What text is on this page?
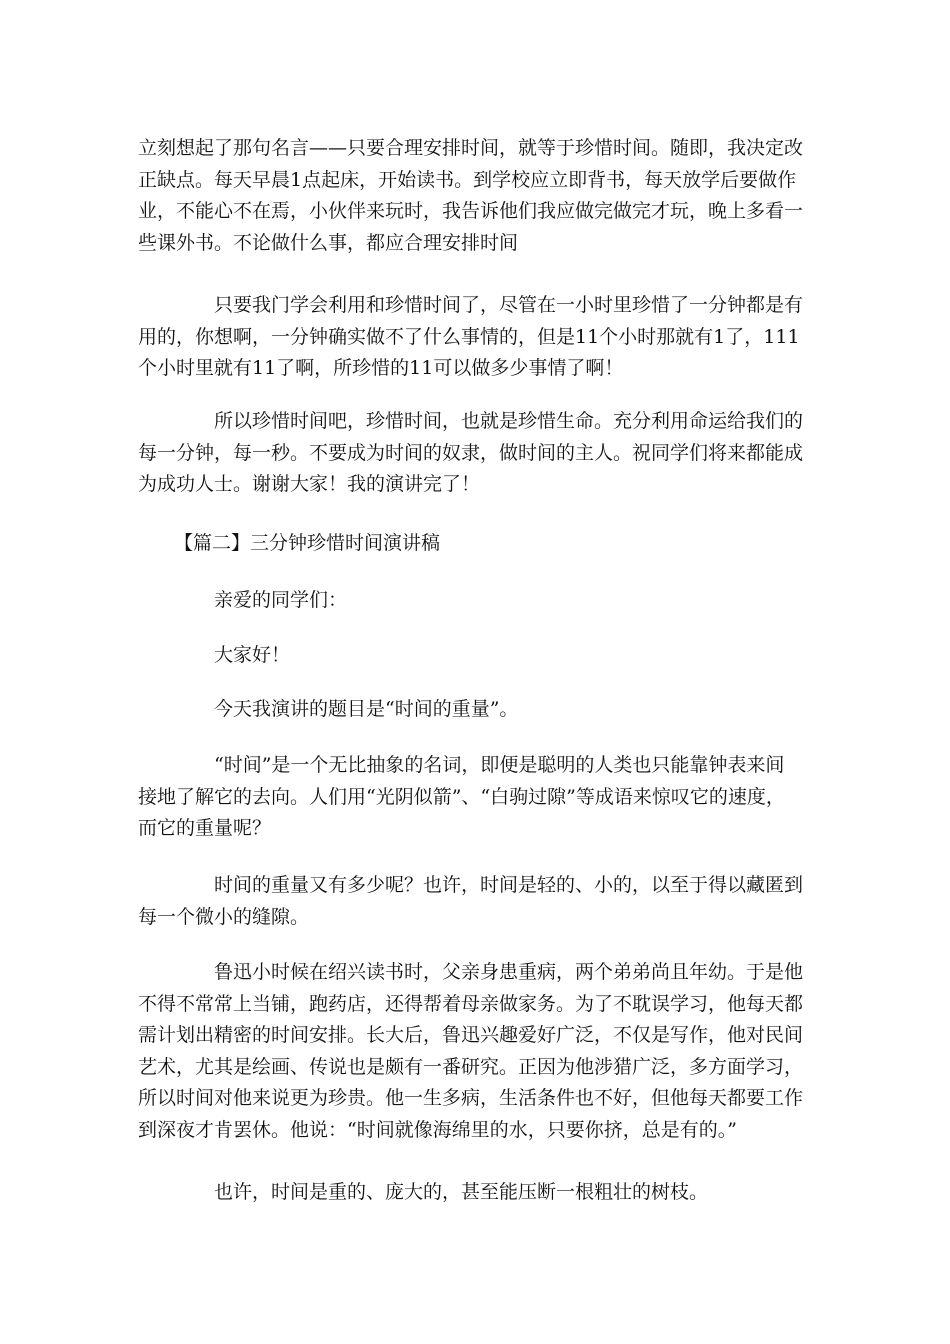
立刻想起了那句名言——只要合理安排时间，就等于珍惜时间。随即，我决定改
正缺点。每天早晨1点起床，开始读书。到学校应立即背书，每天放学后要做作
业，不能心不在焉，小伙伴来玩时，我告诉他们我应做完做完才玩，晚上多看一
些课外书。不论做什么事，都应合理安排时间
只要我门学会利用和珍惜时间了，尽管在一小时里珍惜了一分钟都是有
用的，你想啊，一分钟确实做不了什么事情的，但是11个小时那就有1了，111
个小时里就有11了啊，所珍惜的11可以做多少事情了啊！
所以珍惜时间吧，珍惜时间，也就是珍惜生命。充分利用命运给我们的
每一分钟，每一秒。不要成为时间的奴隶，做时间的主人。祝同学们将来都能成
为成功人士。谢谢大家！我的演讲完了！
【篇二】三分钟珍惜时间演讲稿
亲爱的同学们：
大家好！
今天我演讲的题目是“时间的重量”。
“时间”是一个无比抽象的名词，即便是聪明的人类也只能靠钟表来间
接地了解它的去向。人们用“光阴似箭”、“白驹过隙”等成语来惊叹它的速度，
而它的重量呢？
时间的重量又有多少呢？也许，时间是轻的、小的，以至于得以藏匿到
每一个微小的缝隙。
鲁迅小时候在绍兴读书时，父亲身患重病，两个弟弟尚且年幼。于是他
不得不常常上当铺，跑药店，还得帮着母亲做家务。为了不耽误学习，他每天都
需计划出精密的时间安排。长大后，鲁迅兴趣爱好广泛，不仅是写作，他对民间
艺术，尤其是绘画、传说也是颇有一番研究。正因为他涉猎广泛，多方面学习，
所以时间对他来说更为珍贵。他一生多病，生活条件也不好，但他每天都要工作
到深夜才肯罢休。他说：“时间就像海绵里的水，只要你挤，总是有的。”
也许，时间是重的、庞大的，甚至能压断一根粗壮的树枝。
